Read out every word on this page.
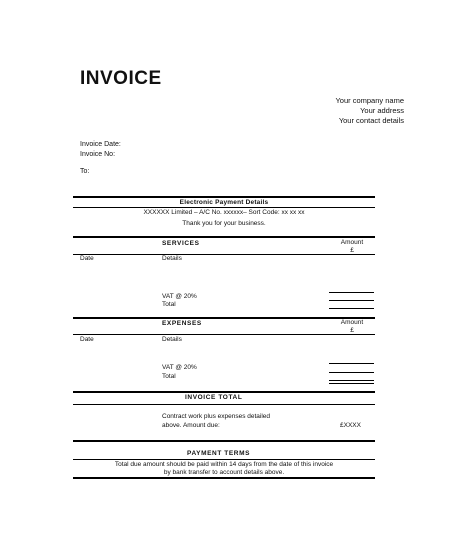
INVOICE
Your company name
Your address
Your contact details
Invoice Date:
Invoice No:
To:
Electronic Payment Details
XXXXXX Limited – A/C No. xxxxxx– Sort Code: xx xx xx
Thank you for your business.
SERVICES	Amount
£
Date	Details
VAT @ 20%
Total
EXPENSES	Amount
£
Date	Details
VAT @ 20%
Total
INVOICE TOTAL
Contract work plus expenses detailed
above. Amount due:	£XXXX
PAYMENT TERMS
Total due amount should be paid within 14 days from the date of this invoice
by bank transfer to account details above.
